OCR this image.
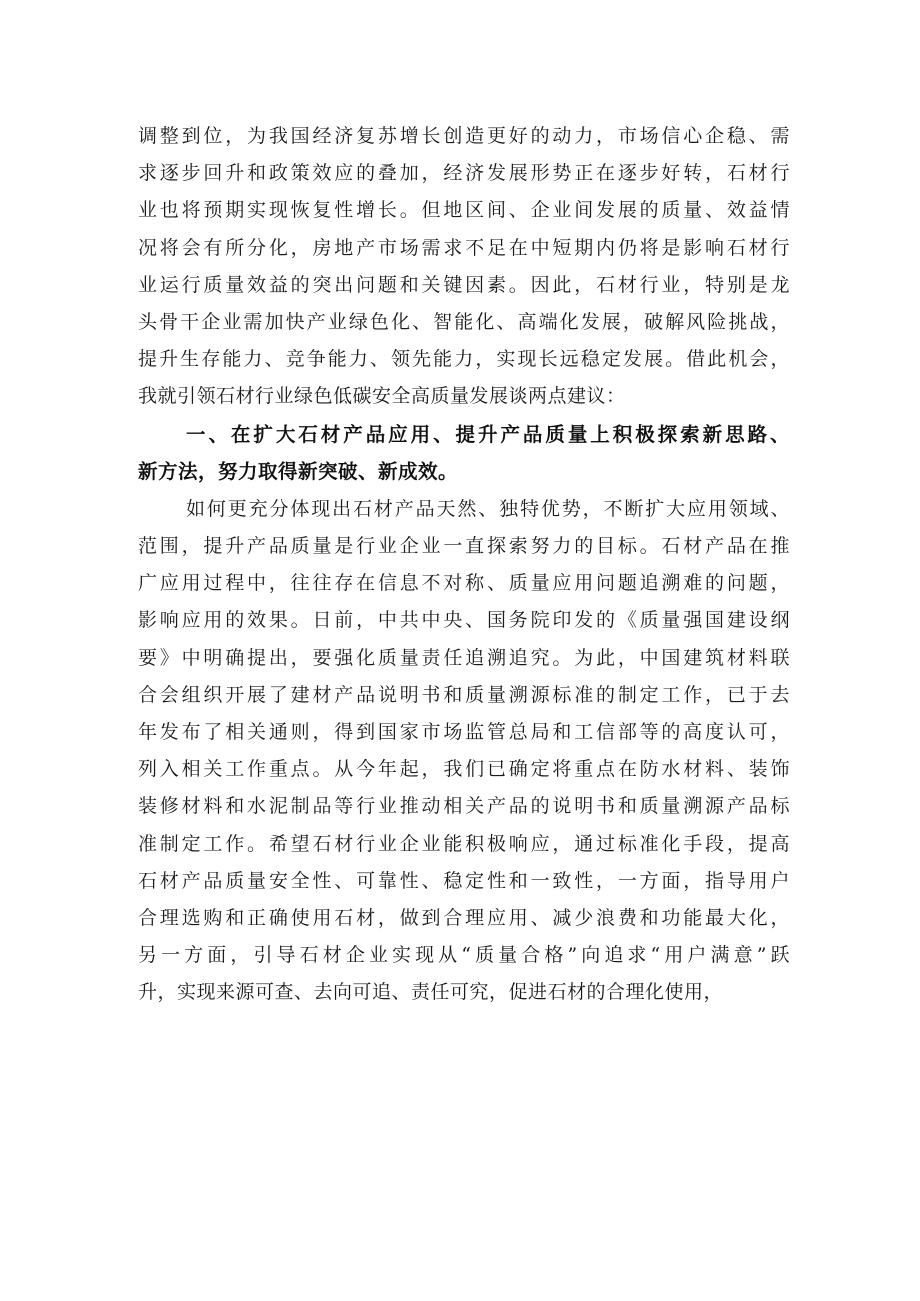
调整到位，为我国经济复苏增长创造更好的动力，市场信心企稳、需
求逐步回升和政策效应的叠加，经济发展形势正在逐步好转，石材行
业也将预期实现恢复性增长。但地区间、企业间发展的质量、效益情
况将会有所分化，房地产市场需求不足在中短期内仍将是影响石材行
业运行质量效益的突出问题和关键因素。因此，石材行业，特别是龙
头骨干企业需加快产业绿色化、智能化、高端化发展，破解风险挑战，
提升生存能力、竞争能力、领先能力，实现长远稳定发展。借此机会，
我就引领石材行业绿色低碳安全高质量发展谈两点建议：
一、在扩大石材产品应用、提升产品质量上积极探索新思路、
新方法，努力取得新突破、新成效。
如何更充分体现出石材产品天然、独特优势，不断扩大应用领域、
范围，提升产品质量是行业企业一直探索努力的目标。石材产品在推
广应用过程中，往往存在信息不对称、质量应用问题追溯难的问题，
影响应用的效果。日前，中共中央、国务院印发的《质量强国建设纲
要》中明确提出，要强化质量责任追溯追究。为此，中国建筑材料联
合会组织开展了建材产品说明书和质量溯源标准的制定工作，已于去
年发布了相关通则，得到国家市场监管总局和工信部等的高度认可，
列入相关工作重点。从今年起，我们已确定将重点在防水材料、装饰
装修材料和水泥制品等行业推动相关产品的说明书和质量溯源产品标
准制定工作。希望石材行业企业能积极响应，通过标准化手段，提高
石材产品质量安全性、可靠性、稳定性和一致性，一方面，指导用户
合理选购和正确使用石材，做到合理应用、减少浪费和功能最大化，
另一方面，引导石材企业实现从“质量合格”向追求“用户满意”跃
升，实现来源可查、去向可追、责任可究，促进石材的合理化使用，
